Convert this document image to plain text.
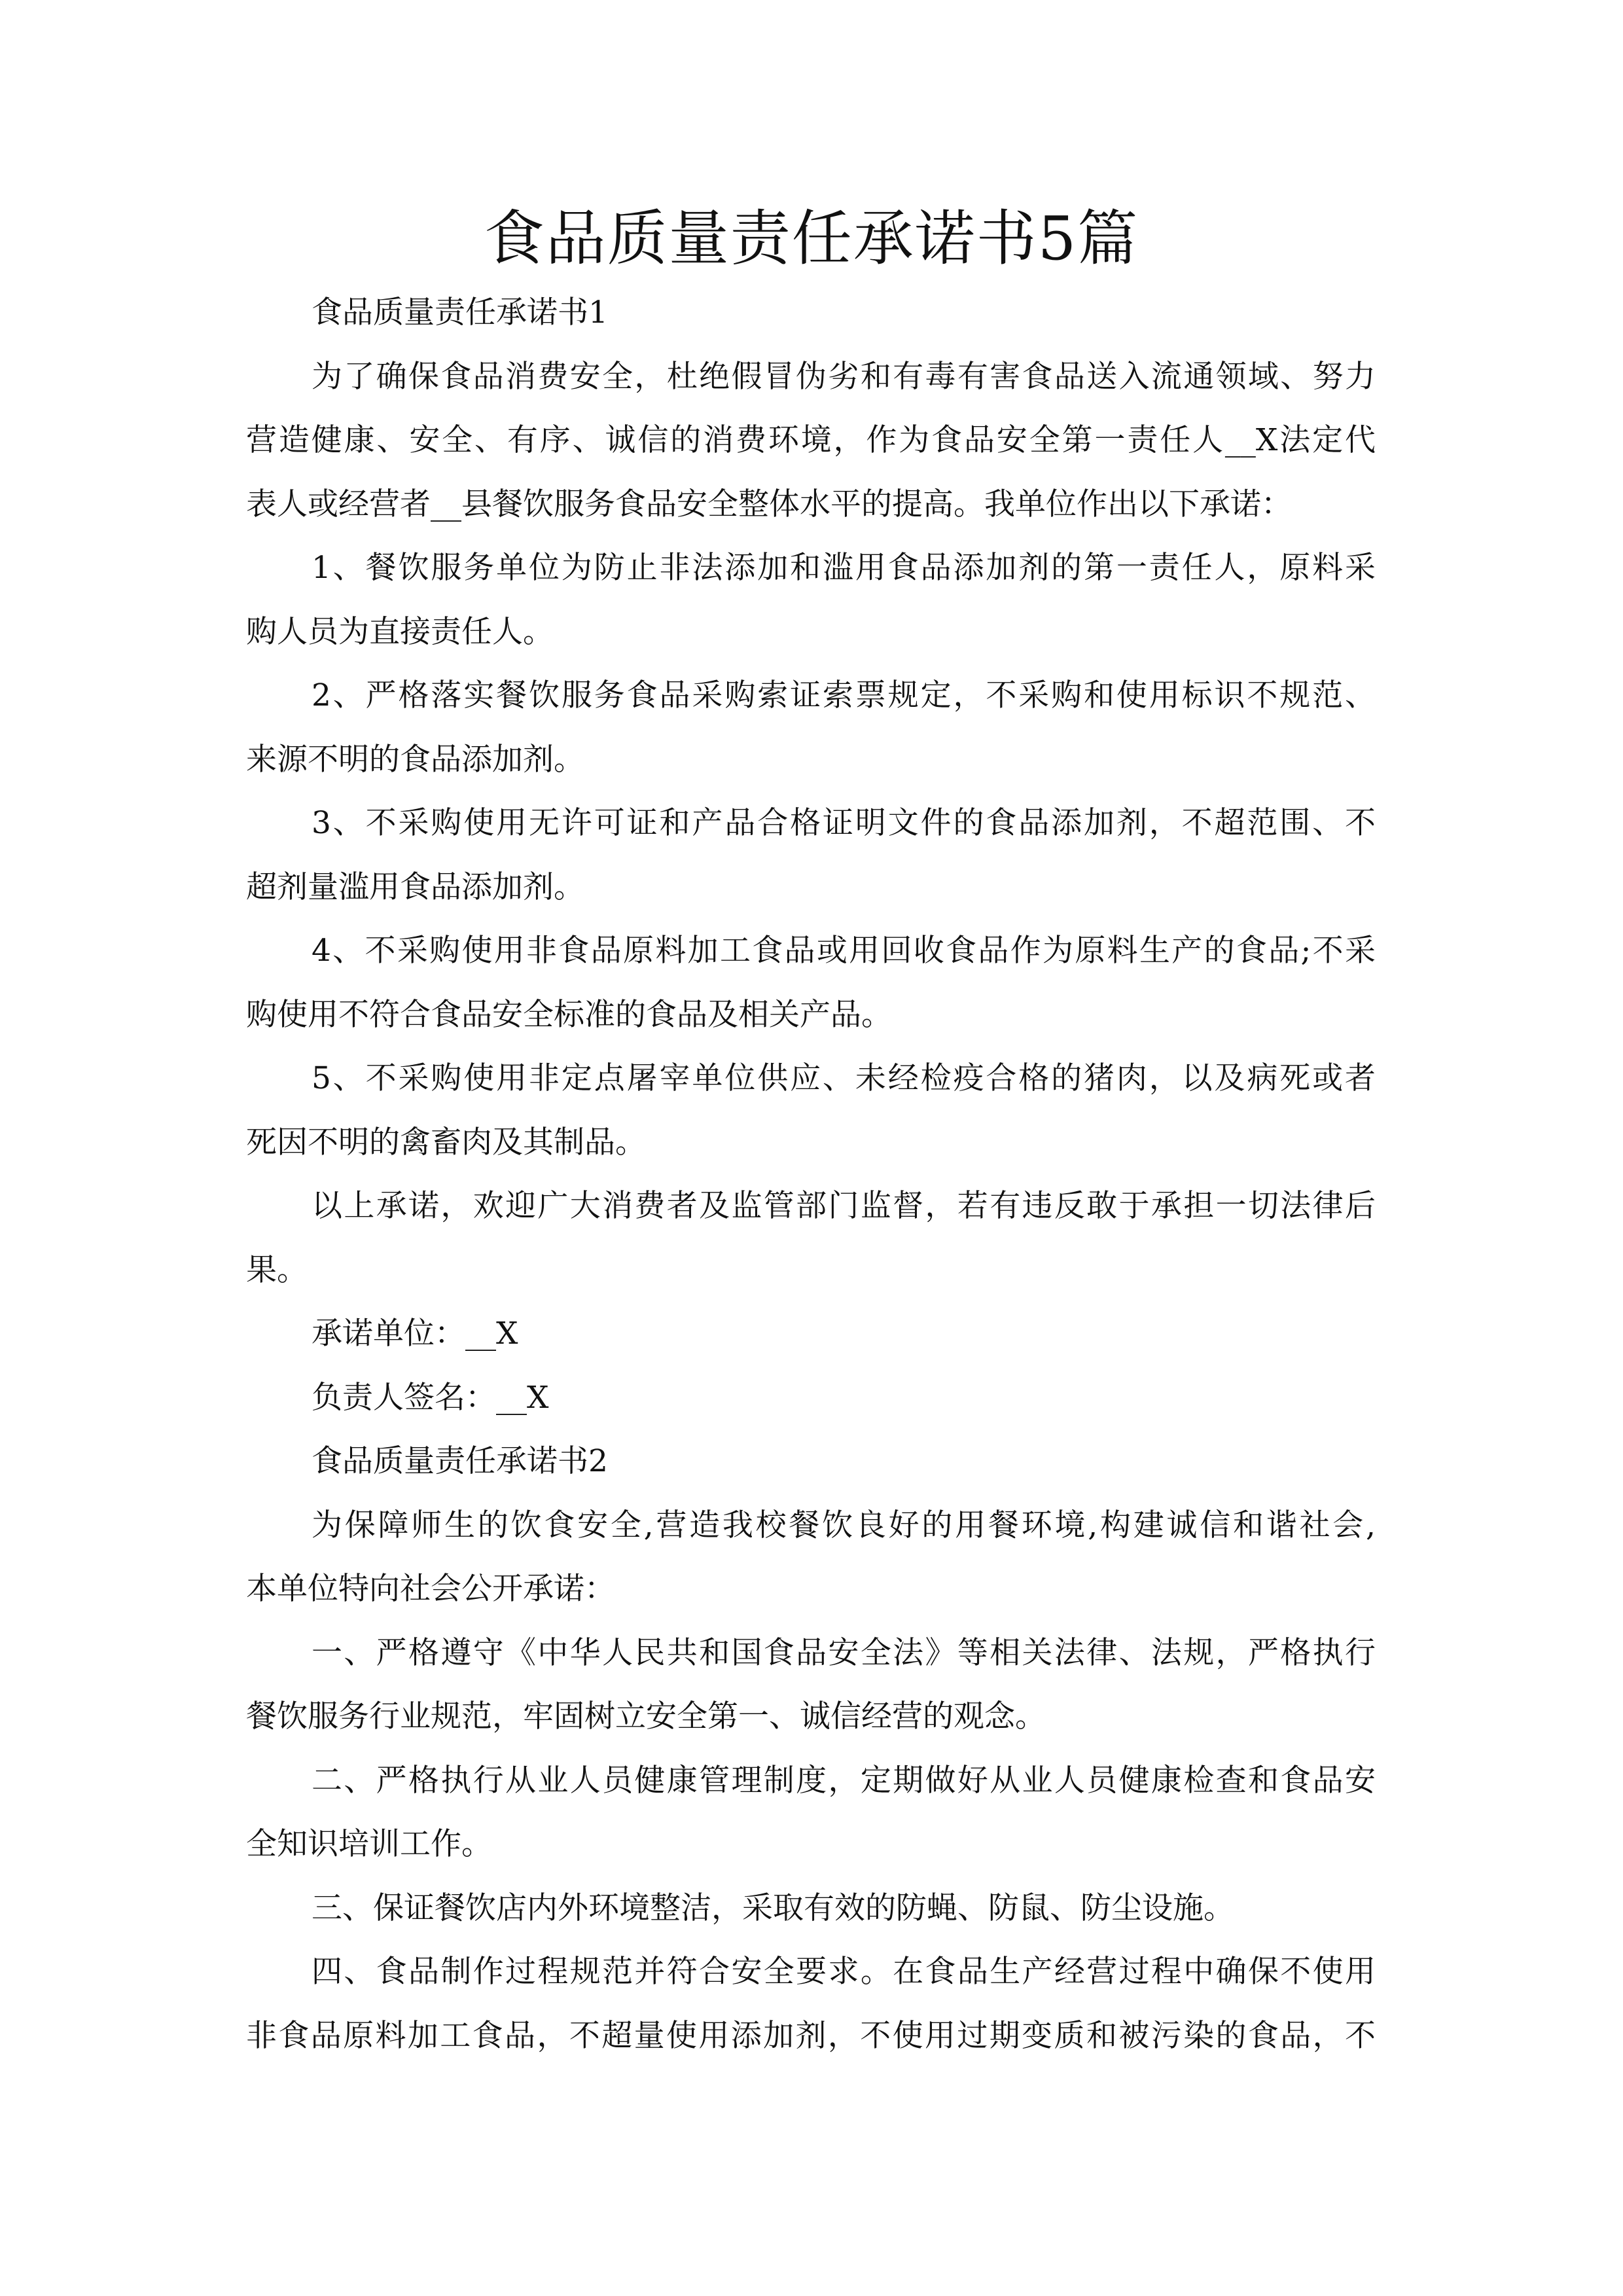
食品质量责任承诺书5篇
食品质量责任承诺书1
为了确保食品消费安全，杜绝假冒伪劣和有毒有害食品送入流通领域、努力
营造健康、安全、有序、诚信的消费环境，作为食品安全第一责任人__X法定代
表人或经营者__县餐饮服务食品安全整体水平的提高。我单位作出以下承诺：
1、餐饮服务单位为防止非法添加和滥用食品添加剂的第一责任人，原料采
购人员为直接责任人。
2、严格落实餐饮服务食品采购索证索票规定，不采购和使用标识不规范、
来源不明的食品添加剂。
3、不采购使用无许可证和产品合格证明文件的食品添加剂，不超范围、不
超剂量滥用食品添加剂。
4、不采购使用非食品原料加工食品或用回收食品作为原料生产的食品;不采
购使用不符合食品安全标准的食品及相关产品。
5、不采购使用非定点屠宰单位供应、未经检疫合格的猪肉，以及病死或者
死因不明的禽畜肉及其制品。
以上承诺，欢迎广大消费者及监管部门监督，若有违反敢于承担一切法律后
果。
承诺单位：__X
负责人签名：__X
食品质量责任承诺书2
为保障师生的饮食安全,营造我校餐饮良好的用餐环境,构建诚信和谐社会,
本单位特向社会公开承诺：
一、严格遵守《中华人民共和国食品安全法》等相关法律、法规，严格执行
餐饮服务行业规范，牢固树立安全第一、诚信经营的观念。
二、严格执行从业人员健康管理制度，定期做好从业人员健康检查和食品安
全知识培训工作。
三、保证餐饮店内外环境整洁，采取有效的防蝇、防鼠、防尘设施。
四、食品制作过程规范并符合安全要求。在食品生产经营过程中确保不使用
非食品原料加工食品，不超量使用添加剂，不使用过期变质和被污染的食品，不
